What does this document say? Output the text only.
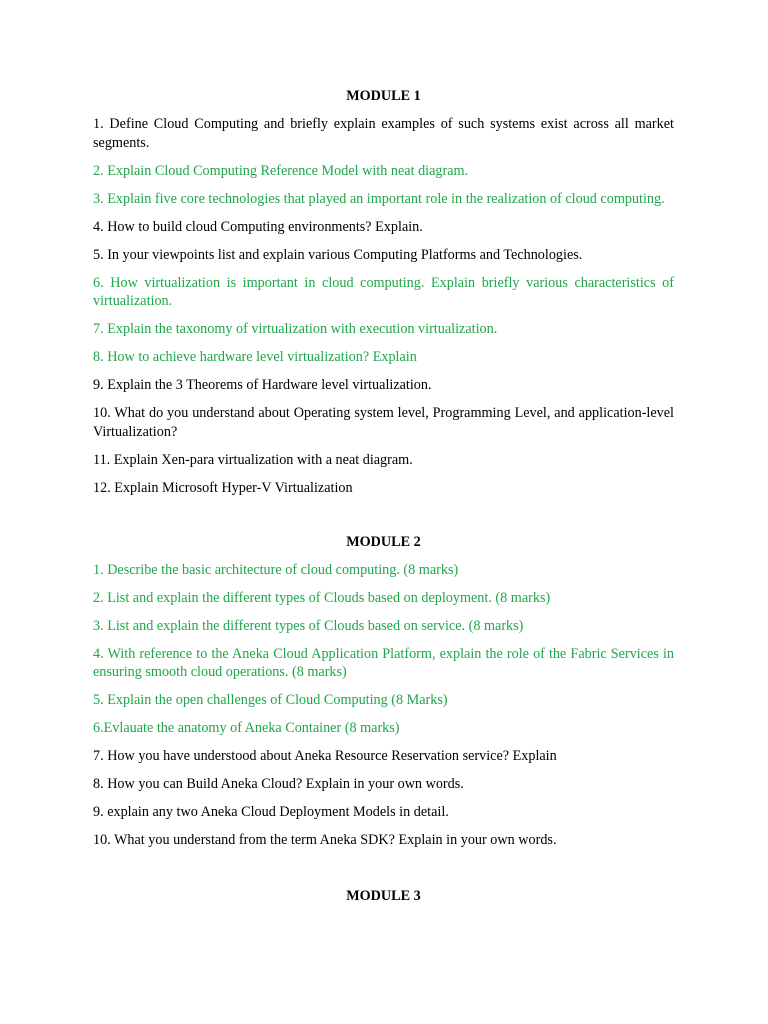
MODULE 1
1. Define Cloud Computing and briefly explain examples of such systems exist across all market segments.
2. Explain Cloud Computing Reference Model with neat diagram.
3. Explain five core technologies that played an important role in the realization of cloud computing.
4. How to build cloud Computing environments? Explain.
5. In your viewpoints list and explain various Computing Platforms and Technologies.
6. How virtualization is important in cloud computing. Explain briefly various characteristics of virtualization.
7. Explain the taxonomy of virtualization with execution virtualization.
8. How to achieve hardware level virtualization? Explain
9. Explain the 3 Theorems of Hardware level virtualization.
10. What do you understand about Operating system level, Programming Level, and application-level Virtualization?
11. Explain Xen-para virtualization with a neat diagram.
12. Explain Microsoft Hyper-V Virtualization
MODULE 2
1. Describe the basic architecture of cloud computing. (8 marks)
2. List and explain the different types of Clouds based on deployment. (8 marks)
3. List and explain the different types of Clouds based on service. (8 marks)
4. With reference to the Aneka Cloud Application Platform, explain the role of the Fabric Services in ensuring smooth cloud operations. (8 marks)
5. Explain the open challenges of Cloud Computing (8 Marks)
6.Evlauate the anatomy of Aneka Container (8 marks)
7. How you have understood about Aneka Resource Reservation service? Explain
8. How you can Build Aneka Cloud? Explain in your own words.
9. explain any two Aneka Cloud Deployment Models in detail.
10. What you understand from the term Aneka SDK? Explain in your own words.
MODULE 3
